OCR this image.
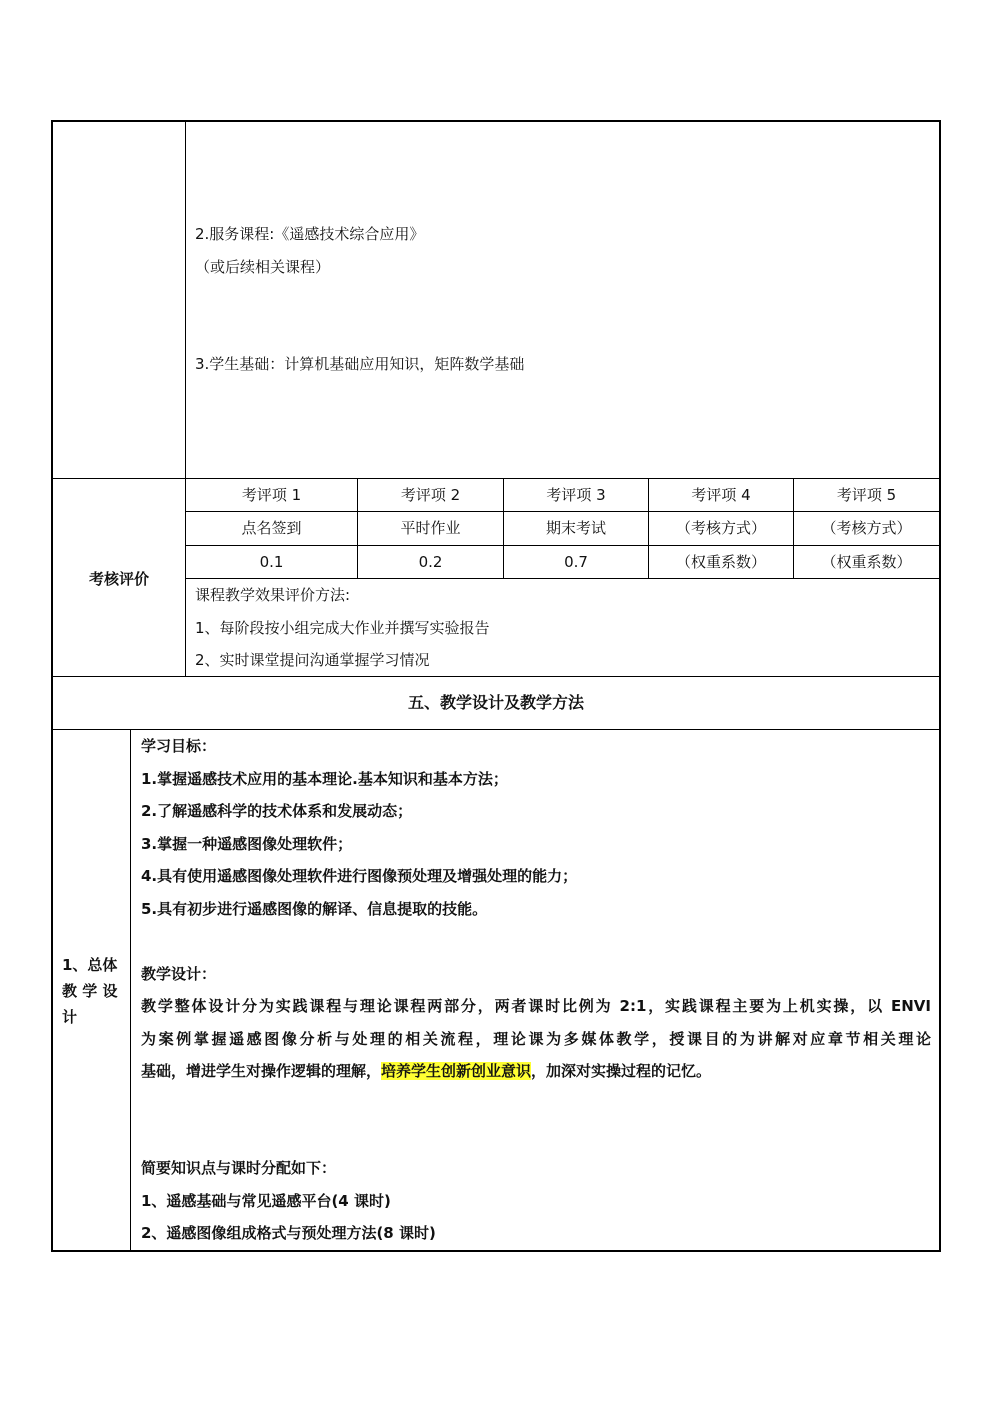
2.服务课程:《遥感技术综合应用》
（或后续相关课程）
3.学生基础：计算机基础应用知识，矩阵数学基础
考核评价
考评项 1	考评项 2	考评项 3	考评项 4	考评项 5
点名签到	平时作业	期末考试	（考核方式）	（考核方式）
0.1	0.2	0.7	（权重系数）	（权重系数）
课程教学效果评价方法:
1、每阶段按小组完成大作业并撰写实验报告
2、实时课堂提问沟通掌握学习情况
五、教学设计及教学方法
1、总体
教 学 设
计
学习目标：
1.掌握遥感技术应用的基本理论.基本知识和基本方法；
2.了解遥感科学的技术体系和发展动态；
3.掌握一种遥感图像处理软件；
4.具有使用遥感图像处理软件进行图像预处理及增强处理的能力；
5.具有初步进行遥感图像的解译、信息提取的技能。
教学设计：
教学整体设计分为实践课程与理论课程两部分，两者课时比例为 2:1，实践课程主要为上机实操，以 ENVI
为案例掌握遥感图像分析与处理的相关流程，理论课为多媒体教学，授课目的为讲解对应章节相关理论
基础，增进学生对操作逻辑的理解，培养学生创新创业意识，加深对实操过程的记忆。
简要知识点与课时分配如下：
1、遥感基础与常见遥感平台(4 课时)
2、遥感图像组成格式与预处理方法(8 课时)
